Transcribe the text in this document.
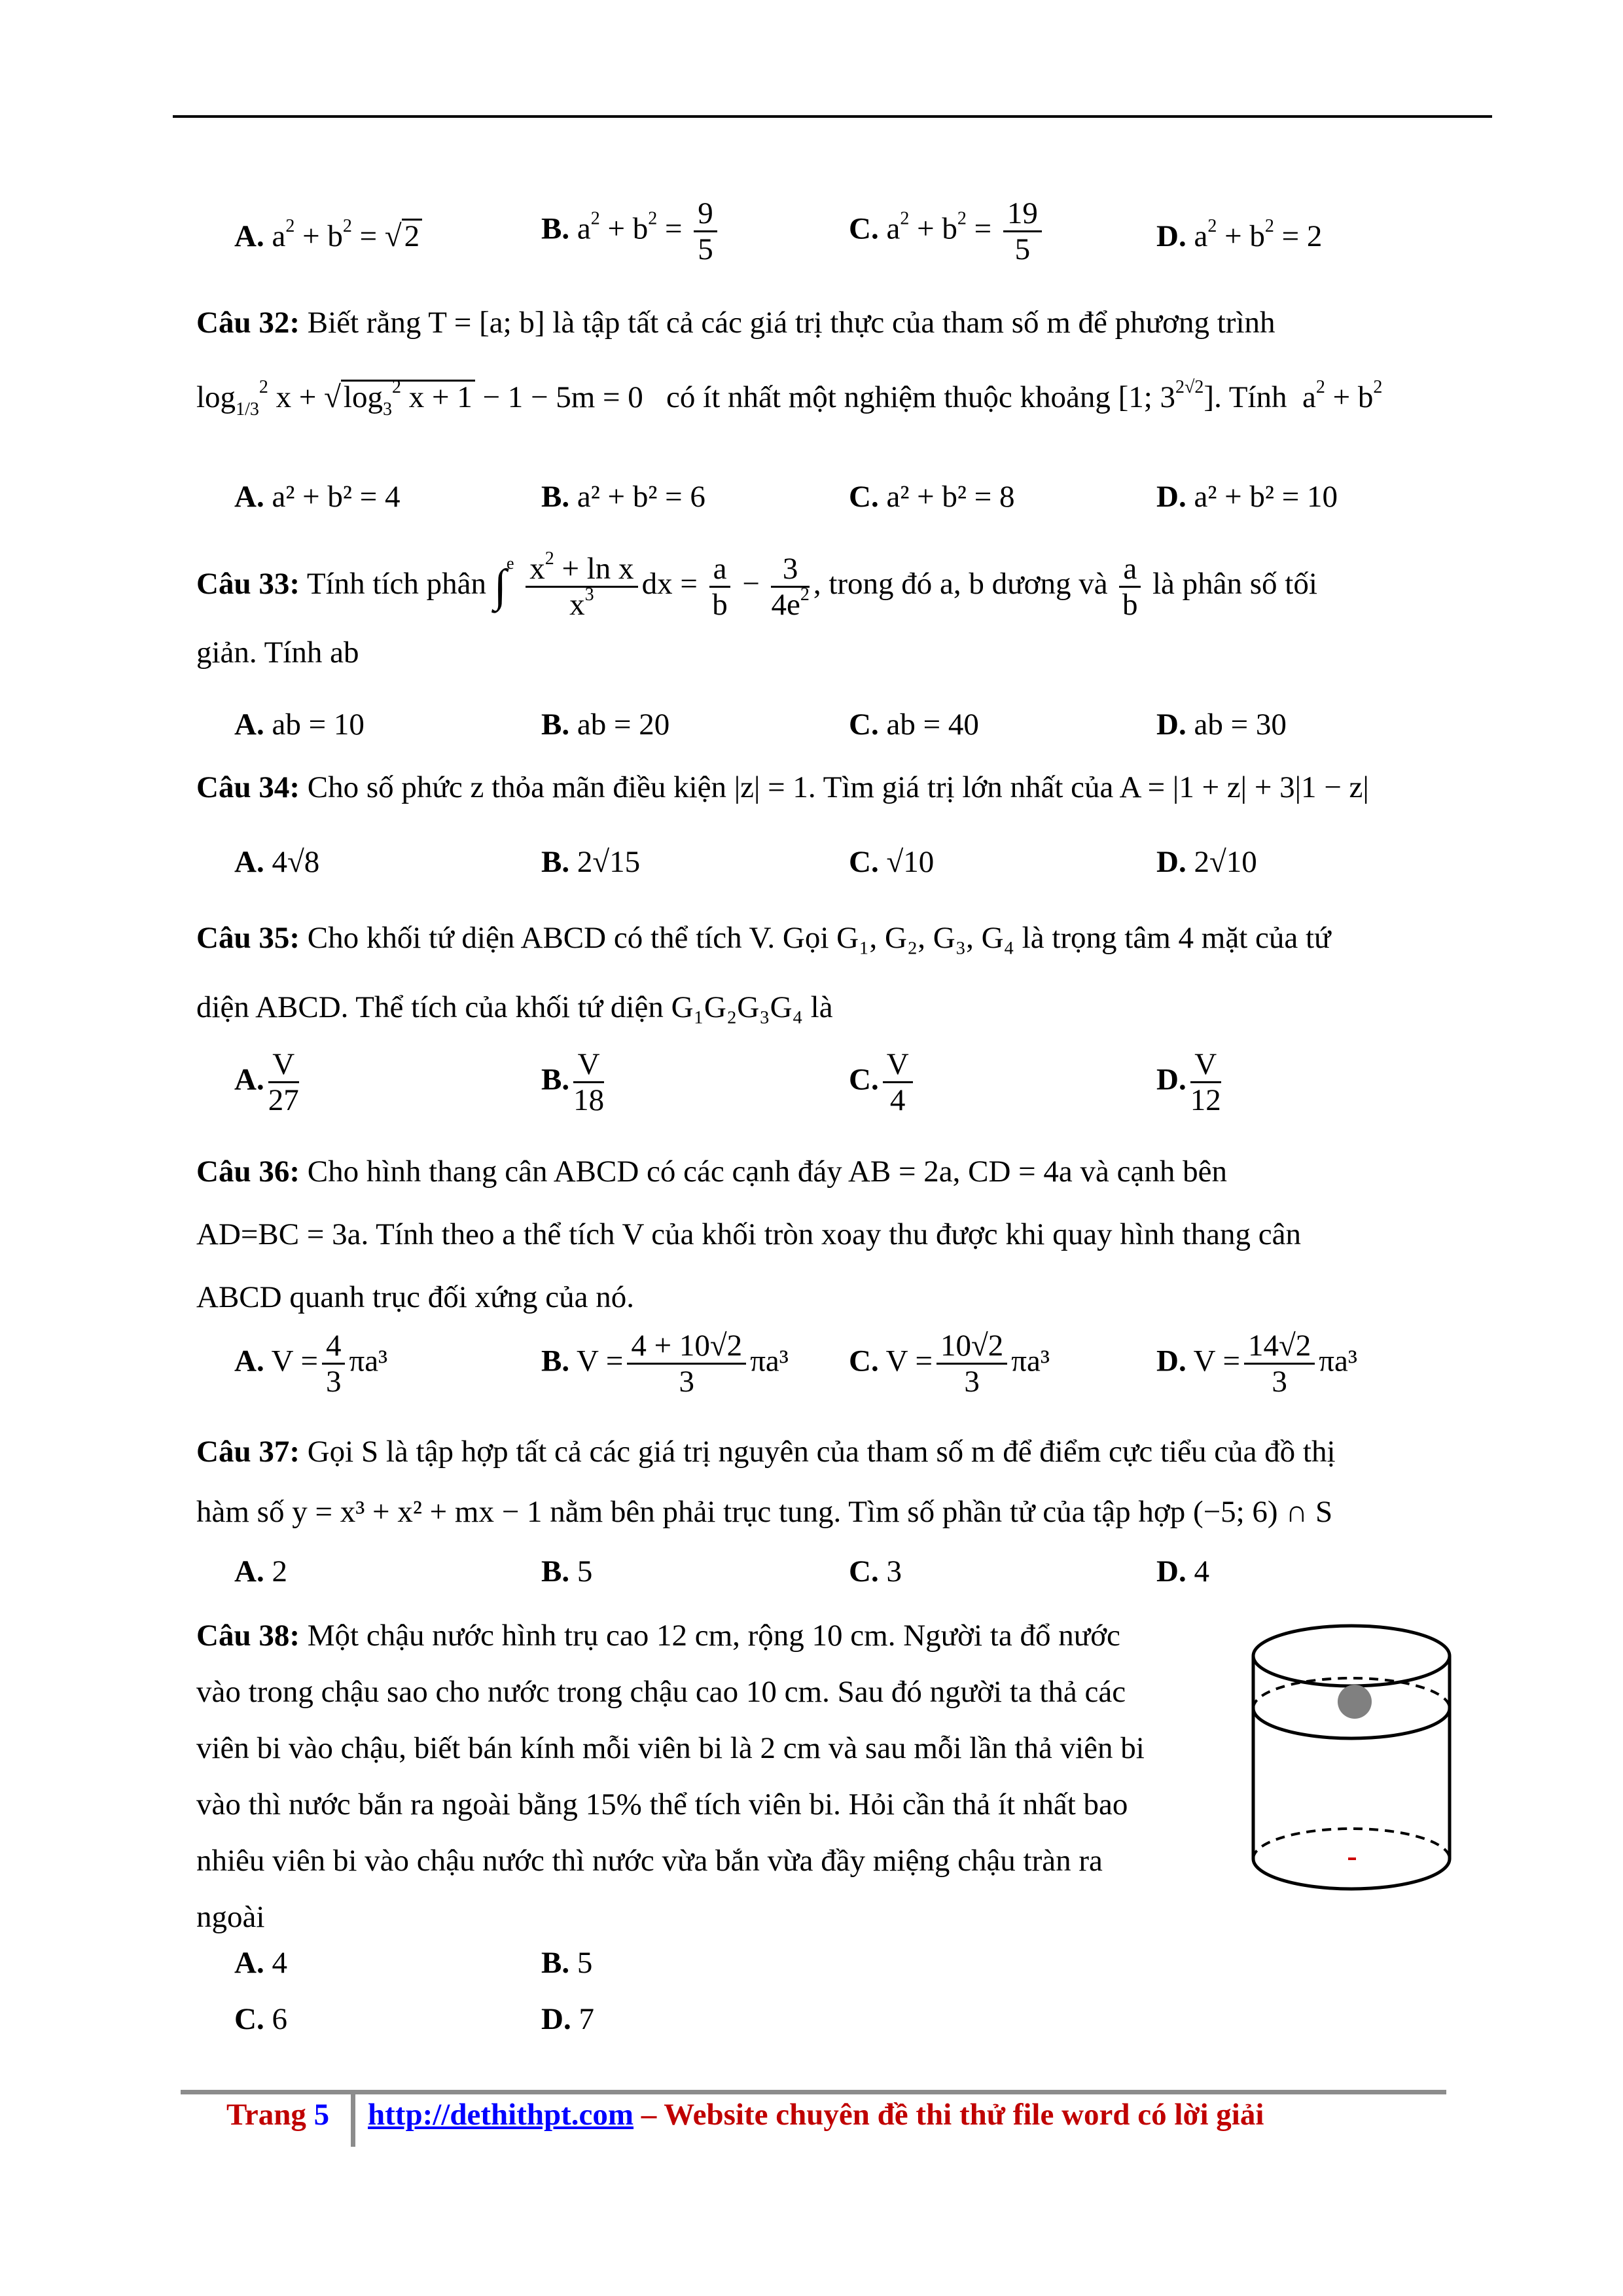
A. $a^2 + b^2 = √2$	B. $a^2 + b^2 = \frac{9}{5}$	C. $a^2 + b^2 = \frac{19}{5}$	D. $a^2 + b^2 = 2$
Câu 32: Biết rằng T = [a; b] là tập tất cả các giá trị thực của tham số m để phương trình
$\log_{1/3}^2 x + √\log_3^2$ x + 1 − 1 − 5m = 0   có ít nhất một nghiệm thuộc khoảng [1; $3^{2√2}$]. Tính  $a^2 + b^2$
A. a² + b² = 4	B. a² + b² = 6	C. a² + b² = 8	D. a² + b² = 10
Câu 33: Tính tích phân $\int^e \frac{x^2 + \ln x}{x^3}$ dx = $\frac{a}{b} - \frac{3}{4e^2}$ , trong đó a, b dương và $\frac{a}{b}$ là phân số tối
giản. Tính ab
A. ab = 10	B. ab = 20	C. ab = 40	D. ab = 30
Câu 34: Cho số phức z thỏa mãn điều kiện |z| = 1. Tìm giá trị lớn nhất của A = |1 + z| + 3|1 − z|
A. 4√8	B. 2√15	C. √10	D. 2√10
Câu 35: Cho khối tứ diện ABCD có thể tích V. Gọi G₁, G₂, G₃, G₄ là trọng tâm 4 mặt của tứ
diện ABCD. Thể tích của khối tứ diện G₁G₂G₃G₄ là
A. $\frac{V}{27}$	B. $\frac{V}{18}$	C. $\frac{V}{4}$	D. $\frac{V}{12}$
Câu 36: Cho hình thang cân ABCD có các cạnh đáy AB = 2a, CD = 4a và cạnh bên
AD=BC = 3a. Tính theo a thể tích V của khối tròn xoay thu được khi quay hình thang cân
ABCD quanh trục đối xứng của nó.
A. $V = \frac{4}{3} \pi a^3$	B. $V = \frac{4 + 10√2}{3} \pi a^3$ C. $V = \frac{10√2}{3} \pi a^3$	D. $V = \frac{14√2}{3} \pi a^3$
Câu 37: Gọi S là tập hợp tất cả các giá trị nguyên của tham số m để điểm cực tiểu của đồ thị
hàm số y = x³ + x² + mx − 1 nằm bên phải trục tung. Tìm số phần tử của tập hợp (−5; 6) ∩ S
A. 2	B. 5	C. 3	D. 4
Câu 38: Một chậu nước hình trụ cao 12 cm, rộng 10 cm. Người ta đổ nước
vào trong chậu sao cho nước trong chậu cao 10 cm. Sau đó người ta thả các
viên bi vào chậu, biết bán kính mỗi viên bi là 2 cm và sau mỗi lần thả viên bi
vào thì nước bắn ra ngoài bằng 15% thể tích viên bi. Hỏi cần thả ít nhất bao
nhiêu viên bi vào chậu nước thì nước vừa bắn vừa đầy miệng chậu tràn ra
ngoài
A. 4	B. 5
C. 6	D. 7
Trang 5 http://dethithpt.com – Website chuyên đề thi thử file word có lời giải
